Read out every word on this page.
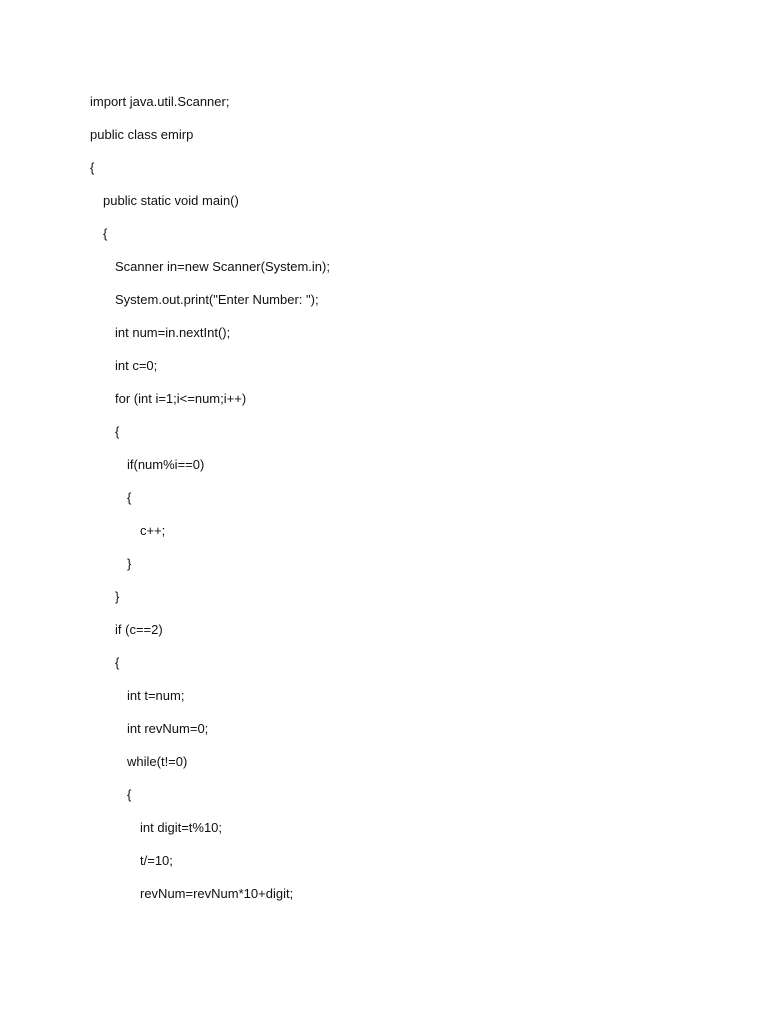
import java.util.Scanner;
public class emirp
{
public static void main()
{
Scanner in=new Scanner(System.in);
System.out.print("Enter Number: ");
int num=in.nextInt();
int c=0;
for (int i=1;i<=num;i++)
{
if(num%i==0)
{
c++;
}
}
if (c==2)
{
int t=num;
int revNum=0;
while(t!=0)
{
int digit=t%10;
t/=10;
revNum=revNum*10+digit;
